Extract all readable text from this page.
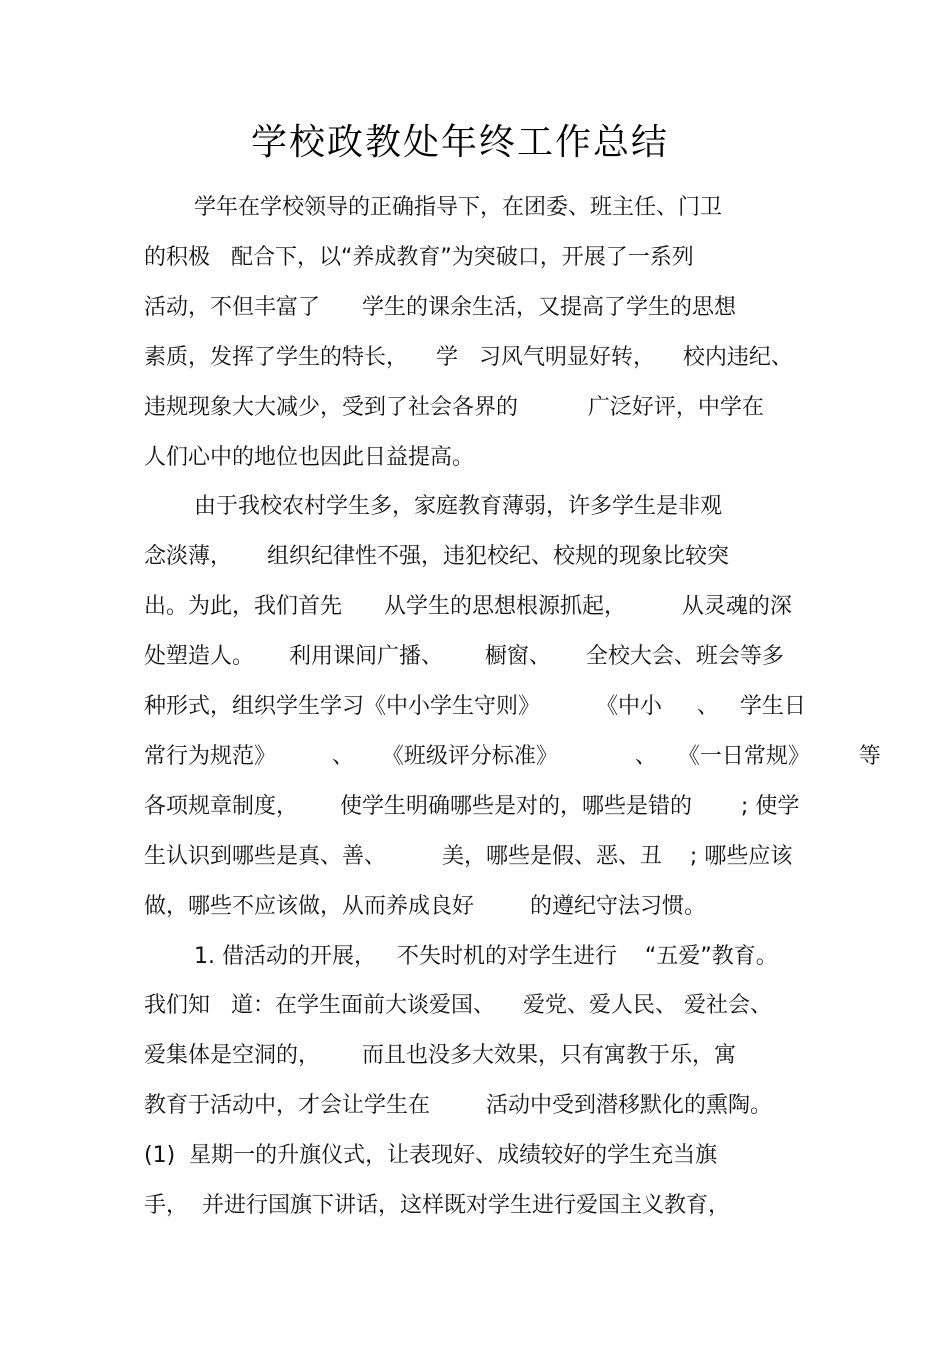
学校政教处年终工作总结
学年在学校领导的正确指导下，在团委、班主任、门卫
的积极   配合下，以“养成教育”为突破口，开展了一系列
活动，不但丰富了      学生的课余生活，又提高了学生的思想
素质，发挥了学生的特长，    学   习风气明显好转，    校内违纪、
违规现象大大减少，受到了社会各界的          广泛好评，中学在
人们心中的地位也因此日益提高。
由于我校农村学生多，家庭教育薄弱，许多学生是非观
念淡薄，     组织纪律性不强，违犯校纪、校规的现象比较突
出。为此，我们首先      从学生的思想根源抓起，        从灵魂的深
处塑造人。     利用课间广播、      橱窗、     全校大会、班会等多
种形式，组织学生学习《中小学生守则》        《中小     、   学生日
常行为规范》        、    《班级评分标准》           、   《一日常规》       等
各项规章制度，      使学生明确哪些是对的，哪些是错的       ; 使学
生认识到哪些是真、善、        美，哪些是假、恶、丑    ; 哪些应该
做，哪些不应该做，从而养成良好        的遵纪守法习惯。
1. 借活动的开展，   不失时机的对学生进行    “五爱”教育。
我们知   道：在学生面前大谈爱国、    爱党、爱人民、 爱社会、
爱集体是空洞的，      而且也没多大效果，只有寓教于乐，寓
教育于活动中，才会让学生在        活动中受到潜移默化的熏陶。
(1)  星期一的升旗仪式，让表现好、成绩较好的学生充当旗
手，  并进行国旗下讲话，这样既对学生进行爱国主义教育，
